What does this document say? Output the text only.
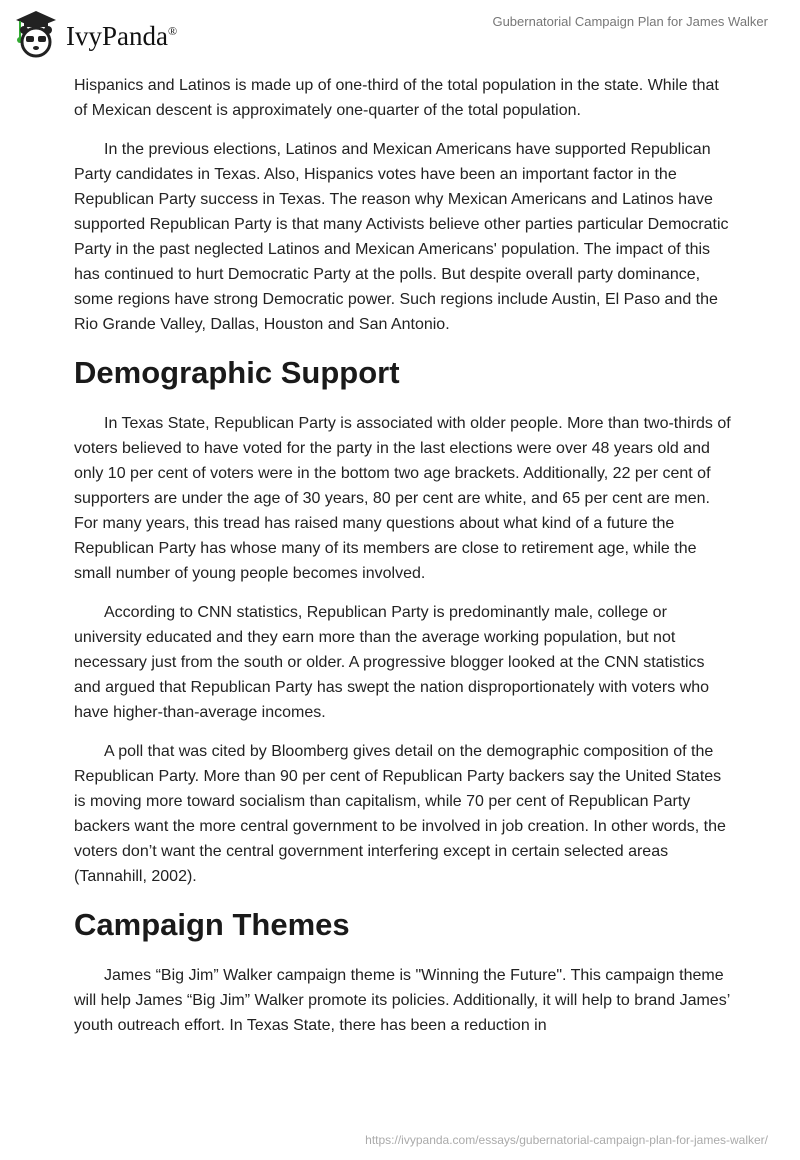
IvyPanda®
Gubernatorial Campaign Plan for James Walker

Hispanics and Latinos is made up of one-third of the total population in the state. While that of Mexican descent is approximately one-quarter of the total population.

In the previous elections, Latinos and Mexican Americans have supported Republican Party candidates in Texas. Also, Hispanics votes have been an important factor in the Republican Party success in Texas. The reason why Mexican Americans and Latinos have supported Republican Party is that many Activists believe other parties particular Democratic Party in the past neglected Latinos and Mexican Americans' population. The impact of this has continued to hurt Democratic Party at the polls. But despite overall party dominance, some regions have strong Democratic power. Such regions include Austin, El Paso and the Rio Grande Valley, Dallas, Houston and San Antonio.

Demographic Support

In Texas State, Republican Party is associated with older people. More than two-thirds of voters believed to have voted for the party in the last elections were over 48 years old and only 10 per cent of voters were in the bottom two age brackets. Additionally, 22 per cent of supporters are under the age of 30 years, 80 per cent are white, and 65 per cent are men. For many years, this tread has raised many questions about what kind of a future the Republican Party has whose many of its members are close to retirement age, while the small number of young people becomes involved.

According to CNN statistics, Republican Party is predominantly male, college or university educated and they earn more than the average working population, but not necessary just from the south or older. A progressive blogger looked at the CNN statistics and argued that Republican Party has swept the nation disproportionately with voters who have higher-than-average incomes.

A poll that was cited by Bloomberg gives detail on the demographic composition of the Republican Party. More than 90 per cent of Republican Party backers say the United States is moving more toward socialism than capitalism, while 70 per cent of Republican Party backers want the more central government to be involved in job creation. In other words, the voters don’t want the central government interfering except in certain selected areas (Tannahill, 2002).

Campaign Themes

James “Big Jim” Walker campaign theme is "Winning the Future". This campaign theme will help James “Big Jim” Walker promote its policies. Additionally, it will help to brand James’ youth outreach effort. In Texas State, there has been a reduction in

https://ivypanda.com/essays/gubernatorial-campaign-plan-for-james-walker/
